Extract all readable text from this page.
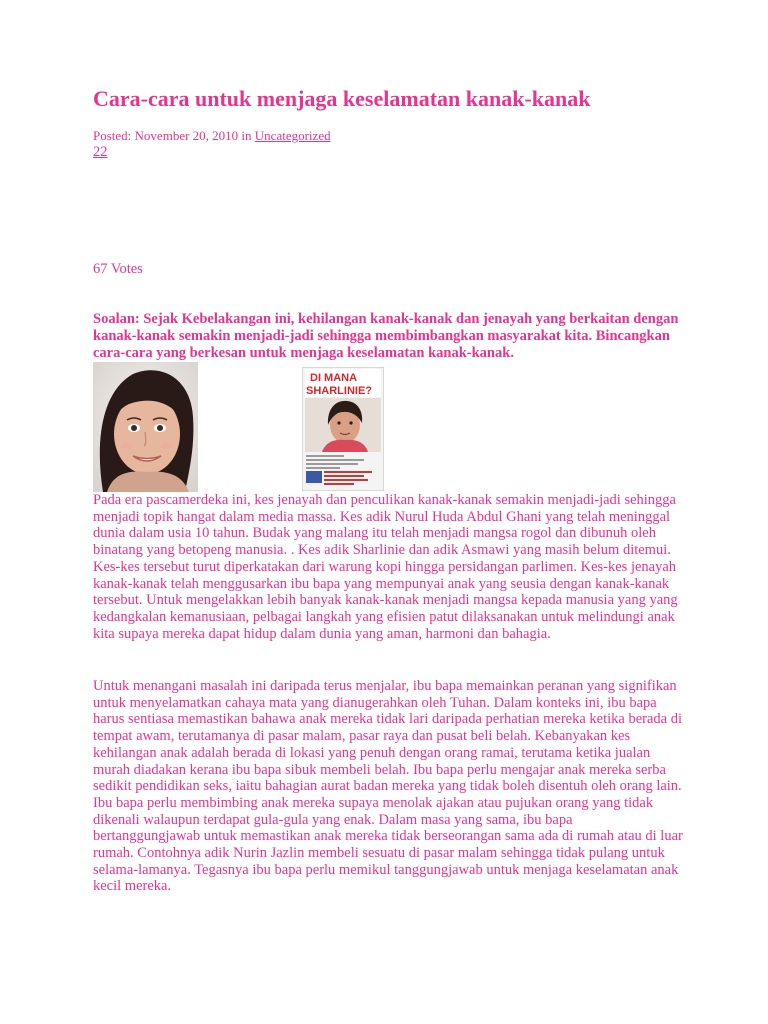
Cara-cara untuk menjaga keselamatan kanak-kanak
Posted: November 20, 2010 in Uncategorized
22
67 Votes

Soalan: Sejak Kebelakangan ini, kehilangan kanak-kanak dan jenayah yang berkaitan dengan kanak-kanak semakin menjadi-jadi sehingga membimbangkan masyarakat kita. Bincangkan cara-cara yang berkesan untuk menjaga keselamatan kanak-kanak.

DI MANA
SHARLINIE?

Pada era pascamerdeka ini, kes jenayah dan penculikan kanak-kanak semakin menjadi-jadi sehingga menjadi topik hangat dalam media massa. Kes adik Nurul Huda Abdul Ghani yang telah meninggal dunia dalam usia 10 tahun. Budak yang malang itu telah menjadi mangsa rogol dan dibunuh oleh binatang yang betopeng manusia. . Kes adik Sharlinie dan adik Asmawi yang masih belum ditemui. Kes-kes tersebut turut diperkatakan dari warung kopi hingga persidangan parlimen. Kes-kes jenayah kanak-kanak telah menggusarkan ibu bapa yang mempunyai anak yang seusia dengan kanak-kanak tersebut. Untuk mengelakkan lebih banyak kanak-kanak menjadi mangsa kepada manusia yang yang kedangkalan kemanusiaan, pelbagai langkah yang efisien patut dilaksanakan untuk melindungi anak kita supaya mereka dapat hidup dalam dunia yang aman, harmoni dan bahagia.

Untuk menangani masalah ini daripada terus menjalar, ibu bapa memainkan peranan yang signifikan untuk menyelamatkan cahaya mata yang dianugerahkan oleh Tuhan. Dalam konteks ini, ibu bapa harus sentiasa memastikan bahawa anak mereka tidak lari daripada perhatian mereka ketika berada di tempat awam, terutamanya di pasar malam, pasar raya dan pusat beli belah. Kebanyakan kes kehilangan anak adalah berada di lokasi yang penuh dengan orang ramai, terutama ketika jualan murah diadakan kerana ibu bapa sibuk membeli belah. Ibu bapa perlu mengajar anak mereka serba sedikit pendidikan seks, iaitu bahagian aurat badan mereka yang tidak boleh disentuh oleh orang lain. Ibu bapa perlu membimbing anak mereka supaya menolak ajakan atau pujukan orang yang tidak dikenali walaupun terdapat gula-gula yang enak. Dalam masa yang sama, ibu bapa bertanggungjawab untuk memastikan anak mereka tidak berseorangan sama ada di rumah atau di luar rumah. Contohnya adik Nurin Jazlin membeli sesuatu di pasar malam sehingga tidak pulang untuk selama-lamanya. Tegasnya ibu bapa perlu memikul tanggungjawab untuk menjaga keselamatan anak kecil mereka.
